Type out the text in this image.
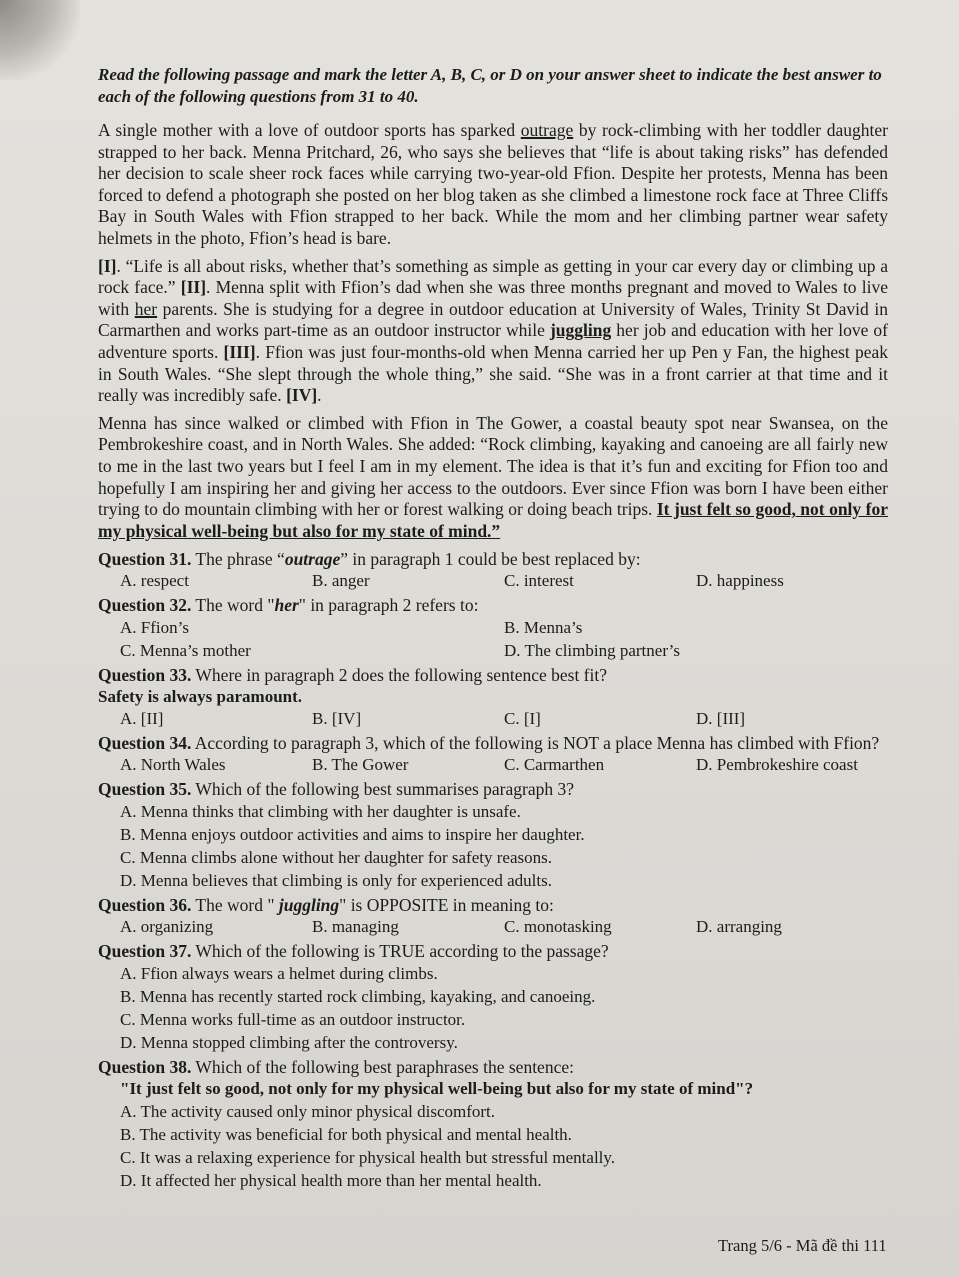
Read the following passage and mark the letter A, B, C, or D on your answer sheet to indicate the best answer to each of the following questions from 31 to 40.

A single mother with a love of outdoor sports has sparked outrage by rock-climbing with her toddler daughter strapped to her back. Menna Pritchard, 26, who says she believes that “life is about taking risks” has defended her decision to scale sheer rock faces while carrying two-year-old Ffion. Despite her protests, Menna has been forced to defend a photograph she posted on her blog taken as she climbed a limestone rock face at Three Cliffs Bay in South Wales with Ffion strapped to her back. While the mom and her climbing partner wear safety helmets in the photo, Ffion’s head is bare.

[I]. “Life is all about risks, whether that’s something as simple as getting in your car every day or climbing up a rock face.” [II]. Menna split with Ffion’s dad when she was three months pregnant and moved to Wales to live with her parents. She is studying for a degree in outdoor education at University of Wales, Trinity St David in Carmarthen and works part-time as an outdoor instructor while juggling her job and education with her love of adventure sports. [III]. Ffion was just four-months-old when Menna carried her up Pen y Fan, the highest peak in South Wales. “She slept through the whole thing,” she said. “She was in a front carrier at that time and it really was incredibly safe. [IV].

Menna has since walked or climbed with Ffion in The Gower, a coastal beauty spot near Swansea, on the Pembrokeshire coast, and in North Wales. She added: “Rock climbing, kayaking and canoeing are all fairly new to me in the last two years but I feel I am in my element. The idea is that it’s fun and exciting for Ffion too and hopefully I am inspiring her and giving her access to the outdoors. Ever since Ffion was born I have been either trying to do mountain climbing with her or forest walking or doing beach trips. It just felt so good, not only for my physical well-being but also for my state of mind.”

Question 31. The phrase “outrage” in paragraph 1 could be best replaced by:
A. respect	B. anger	C. interest	D. happiness
Question 32. The word "her" in paragraph 2 refers to:
A. Ffion’s	B. Menna’s
C. Menna’s mother	D. The climbing partner’s
Question 33. Where in paragraph 2 does the following sentence best fit?
Safety is always paramount.
A. [II]	B. [IV]	C. [I]	D. [III]
Question 34. According to paragraph 3, which of the following is NOT a place Menna has climbed with Ffion?
A. North Wales	B. The Gower	C. Carmarthen	D. Pembrokeshire coast
Question 35. Which of the following best summarises paragraph 3?
A. Menna thinks that climbing with her daughter is unsafe.
B. Menna enjoys outdoor activities and aims to inspire her daughter.
C. Menna climbs alone without her daughter for safety reasons.
D. Menna believes that climbing is only for experienced adults.
Question 36. The word " juggling" is OPPOSITE in meaning to:
A. organizing	B. managing	C. monotasking	D. arranging
Question 37. Which of the following is TRUE according to the passage?
A. Ffion always wears a helmet during climbs.
B. Menna has recently started rock climbing, kayaking, and canoeing.
C. Menna works full-time as an outdoor instructor.
D. Menna stopped climbing after the controversy.
Question 38. Which of the following best paraphrases the sentence:
"It just felt so good, not only for my physical well-being but also for my state of mind"?
A. The activity caused only minor physical discomfort.
B. The activity was beneficial for both physical and mental health.
C. It was a relaxing experience for physical health but stressful mentally.
D. It affected her physical health more than her mental health.
Trang 5/6 - Mã đề thi 111
